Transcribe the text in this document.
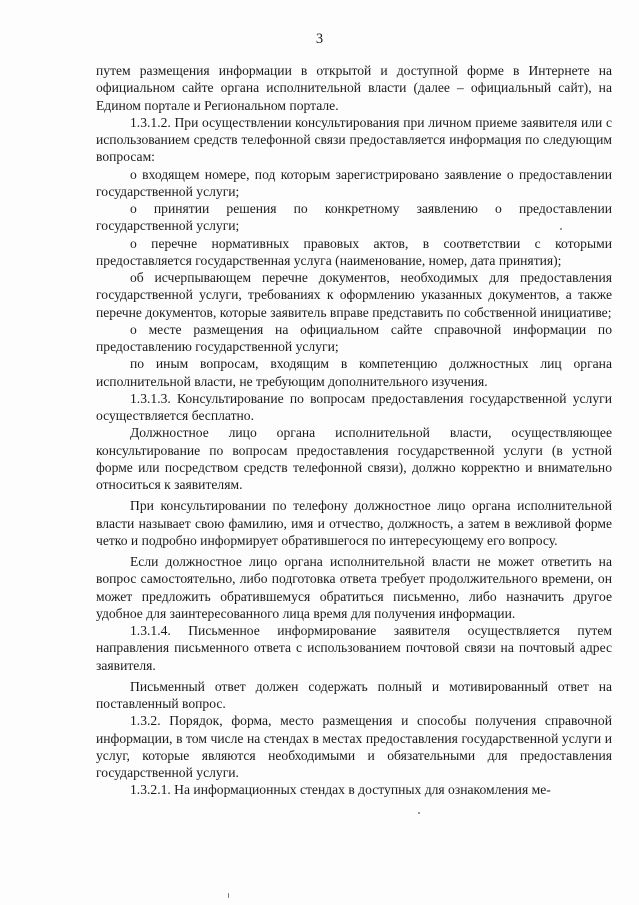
3

путем размещения информации в открытой и доступной форме в Интернете на официальном сайте органа исполнительной власти (далее – официальный сайт), на Едином портале и Региональном портале.

1.3.1.2. При осуществлении консультирования при личном приеме заявителя или с использованием средств телефонной связи предоставляется информация по следующим вопросам:

о входящем номере, под которым зарегистрировано заявление о предоставлении государственной услуги;

о принятии решения по конкретному заявлению о предоставлении государственной услуги;

о перечне нормативных правовых актов, в соответствии с которыми предоставляется государственная услуга (наименование, номер, дата принятия);

об исчерпывающем перечне документов, необходимых для предоставления государственной услуги, требованиях к оформлению указанных документов, а также перечне документов, которые заявитель вправе представить по собственной инициативе;

о месте размещения на официальном сайте справочной информации по предоставлению государственной услуги;

по иным вопросам, входящим в компетенцию должностных лиц органа исполнительной власти, не требующим дополнительного изучения.

1.3.1.3. Консультирование по вопросам предоставления государственной услуги осуществляется бесплатно.

Должностное лицо органа исполнительной власти, осуществляющее консультирование по вопросам предоставления государственной услуги (в устной форме или посредством средств телефонной связи), должно корректно и внимательно относиться к заявителям.

При консультировании по телефону должностное лицо органа исполнительной власти называет свою фамилию, имя и отчество, должность, а затем в вежливой форме четко и подробно информирует обратившегося по интересующему его вопросу.

Если должностное лицо органа исполнительной власти не может ответить на вопрос самостоятельно, либо подготовка ответа требует продолжительного времени, он может предложить обратившемуся обратиться письменно, либо назначить другое удобное для заинтересованного лица время для получения информации.

1.3.1.4. Письменное информирование заявителя осуществляется путем направления письменного ответа с использованием почтовой связи на почтовый адрес заявителя.

Письменный ответ должен содержать полный и мотивированный ответ на поставленный вопрос.

1.3.2. Порядок, форма, место размещения и способы получения справочной информации, в том числе на стендах в местах предоставления государственной услуги и услуг, которые являются необходимыми и обязательными для предоставления государственной услуги.

1.3.2.1. На информационных стендах в доступных для ознакомления ме-
